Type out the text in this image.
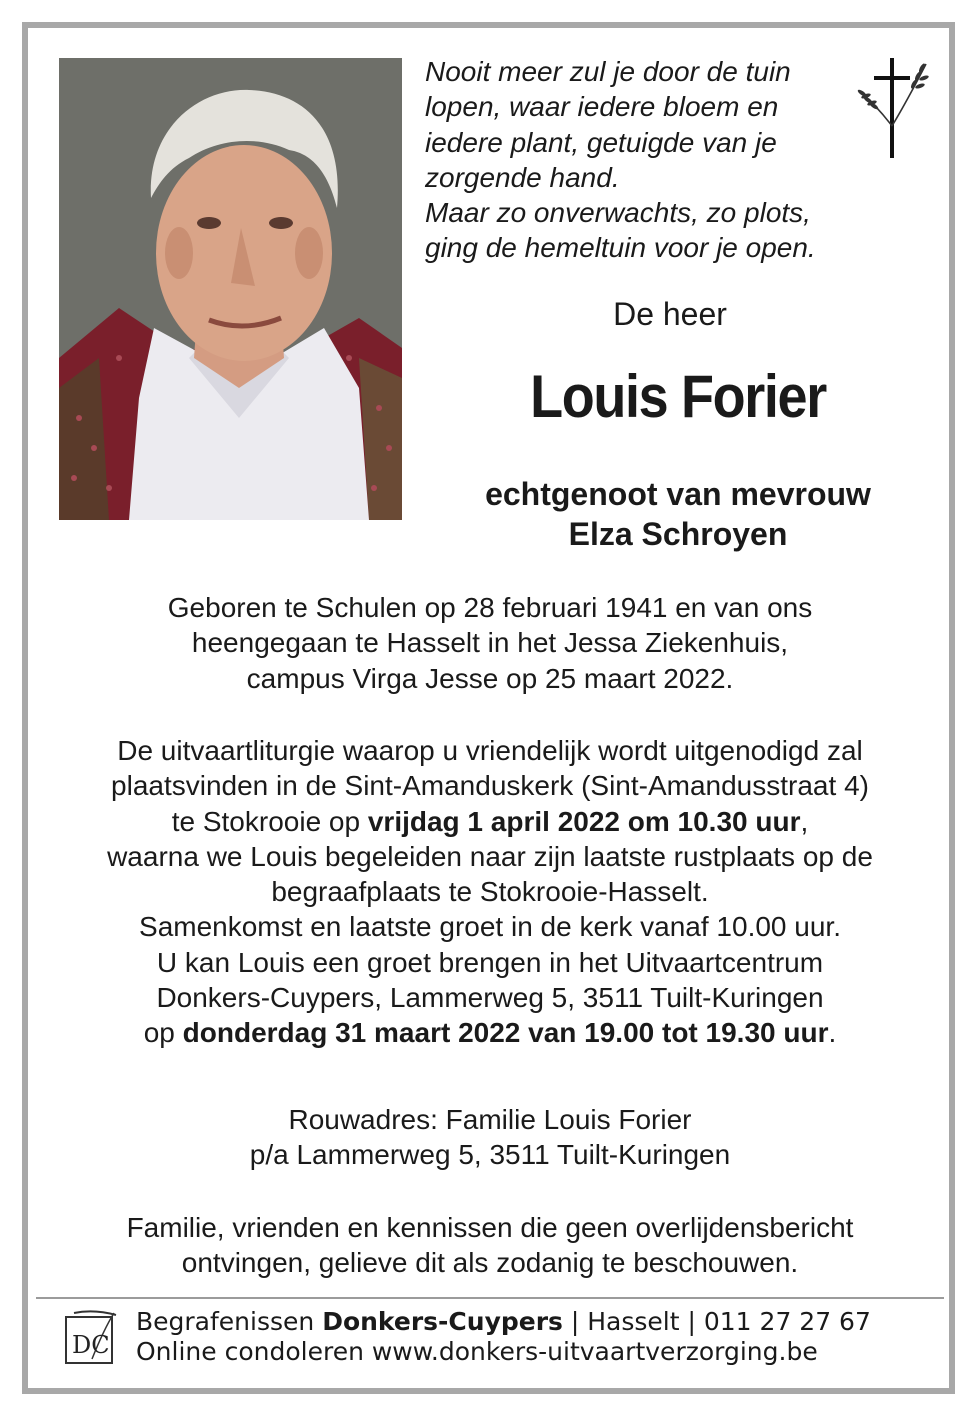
Nooit meer zul je door de tuin
lopen, waar iedere bloem en
iedere plant, getuigde van je
zorgende hand.
Maar zo onverwachts, zo plots,
ging de hemeltuin voor je open.
De heer
Louis Forier
echtgenoot van mevrouw
Elza Schroyen
Geboren te Schulen op 28 februari 1941 en van ons
heengegaan te Hasselt in het Jessa Ziekenhuis,
campus Virga Jesse op 25 maart 2022.
De uitvaartliturgie waarop u vriendelijk wordt uitgenodigd zal
plaatsvinden in de Sint-Amanduskerk (Sint-Amandusstraat 4)
te Stokrooie op vrijdag 1 april 2022 om 10.30 uur,
waarna we Louis begeleiden naar zijn laatste rustplaats op de
begraafplaats te Stokrooie-Hasselt.
Samenkomst en laatste groet in de kerk vanaf 10.00 uur.
U kan Louis een groet brengen in het Uitvaartcentrum
Donkers-Cuypers, Lammerweg 5, 3511 Tuilt-Kuringen
op donderdag 31 maart 2022 van 19.00 tot 19.30 uur.
Rouwadres: Familie Louis Forier
p/a Lammerweg 5, 3511 Tuilt-Kuringen
Familie, vrienden en kennissen die geen overlijdensbericht
ontvingen, gelieve dit als zodanig te beschouwen.
DC
Begrafenissen Donkers-Cuypers | Hasselt | 011 27 27 67
Online condoleren www.donkers-uitvaartverzorging.be
